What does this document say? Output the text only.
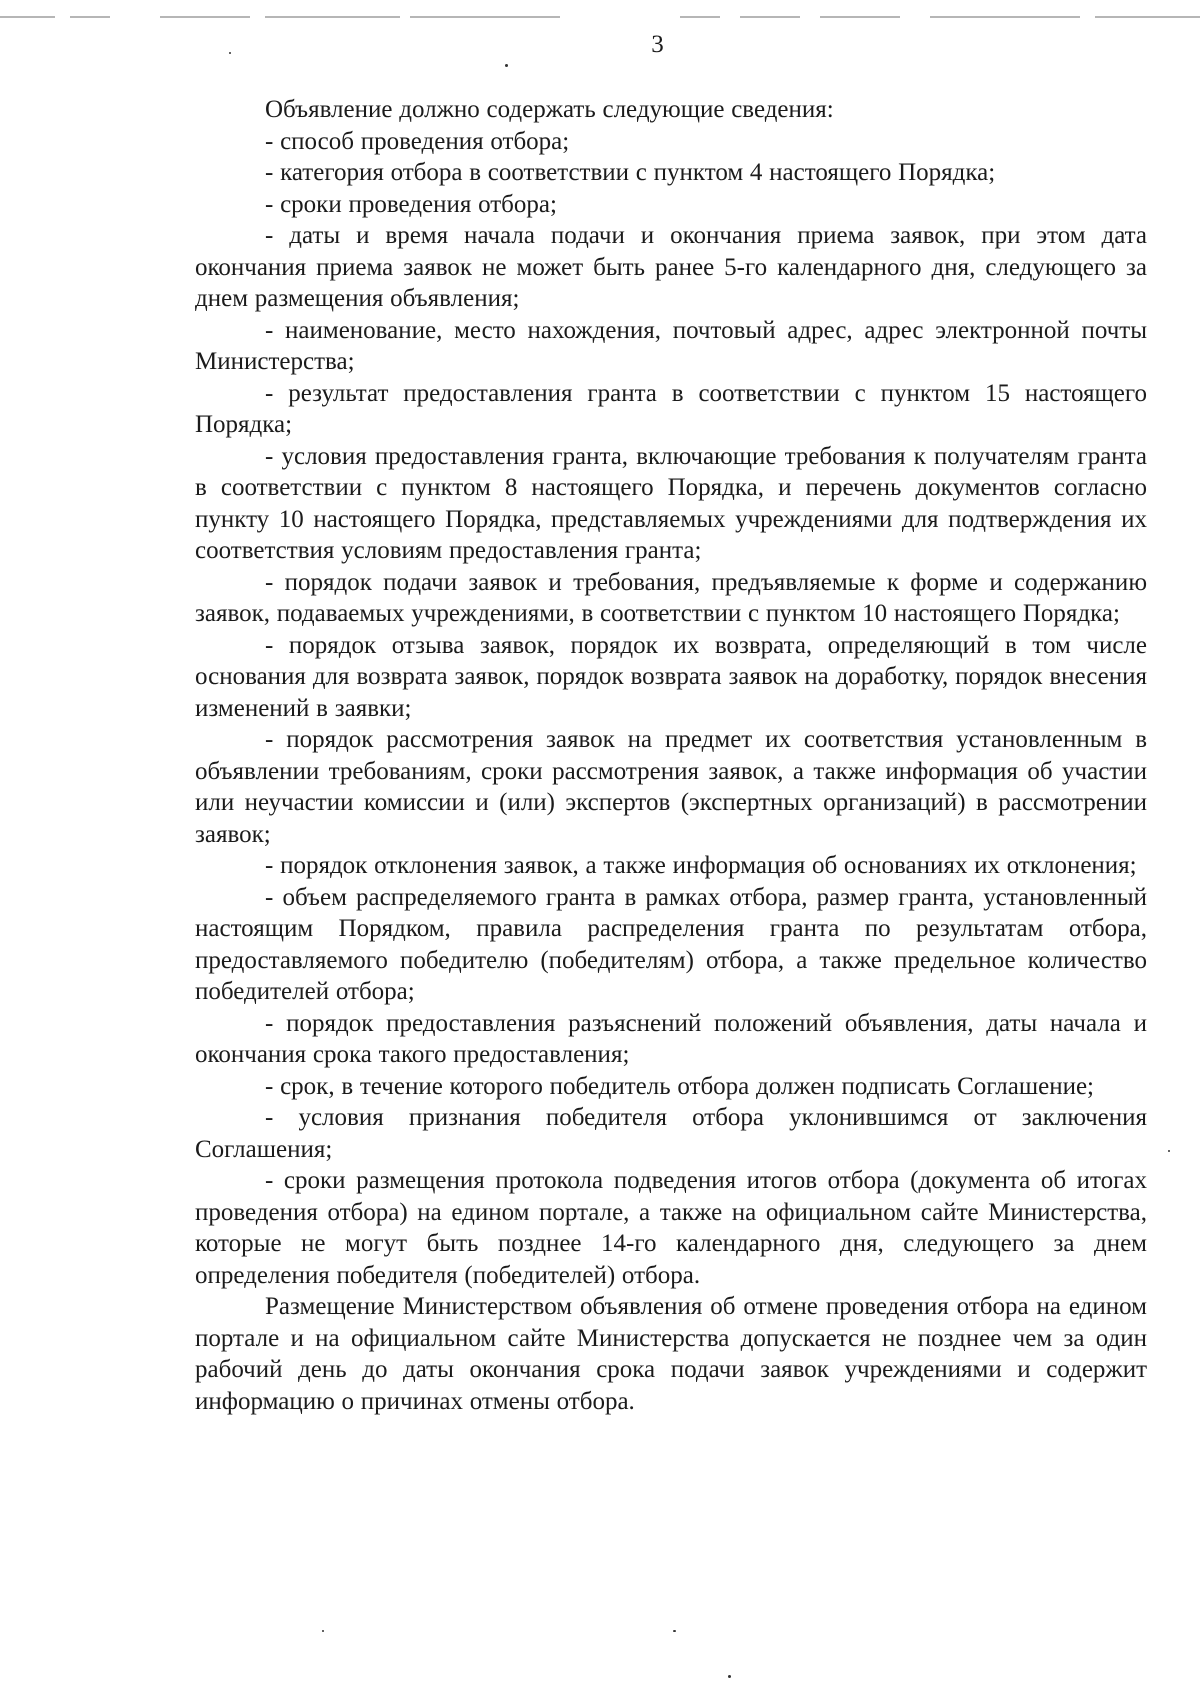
3

Объявление должно содержать следующие сведения:

- способ проведения отбора;

- категория отбора в соответствии с пунктом 4 настоящего Порядка;

- сроки проведения отбора;

- даты и время начала подачи и окончания приема заявок, при этом дата окончания приема заявок не может быть ранее 5-го календарного дня, следующего за днем размещения объявления;

- наименование, место нахождения, почтовый адрес, адрес электронной почты Министерства;

- результат предоставления гранта в соответствии с пунктом 15 настоящего Порядка;

- условия предоставления гранта, включающие требования к получателям гранта в соответствии с пунктом 8 настоящего Порядка, и перечень документов согласно пункту 10 настоящего Порядка, представляемых учреждениями для подтверждения их соответствия условиям предоставления гранта;

- порядок подачи заявок и требования, предъявляемые к форме и содержанию заявок, подаваемых учреждениями, в соответствии с пунктом 10 настоящего Порядка;

- порядок отзыва заявок, порядок их возврата, определяющий в том числе основания для возврата заявок, порядок возврата заявок на доработку, порядок внесения изменений в заявки;

- порядок рассмотрения заявок на предмет их соответствия установленным в объявлении требованиям, сроки рассмотрения заявок, а также информация об участии или неучастии комиссии и (или) экспертов (экспертных организаций) в рассмотрении заявок;

- порядок отклонения заявок, а также информация об основаниях их отклонения;

- объем распределяемого гранта в рамках отбора, размер гранта, установленный настоящим Порядком, правила распределения гранта по результатам отбора, предоставляемого победителю (победителям) отбора, а также предельное количество победителей отбора;

- порядок предоставления разъяснений положений объявления, даты начала и окончания срока такого предоставления;

- срок, в течение которого победитель отбора должен подписать Соглашение;

- условия признания победителя отбора уклонившимся от заключения Соглашения;

- сроки размещения протокола подведения итогов отбора (документа об итогах проведения отбора) на едином портале, а также на официальном сайте Министерства, которые не могут быть позднее 14-го календарного дня, следующего за днем определения победителя (победителей) отбора.

Размещение Министерством объявления об отмене проведения отбора на едином портале и на официальном сайте Министерства допускается не позднее чем за один рабочий день до даты окончания срока подачи заявок учреждениями и содержит информацию о причинах отмены отбора.
